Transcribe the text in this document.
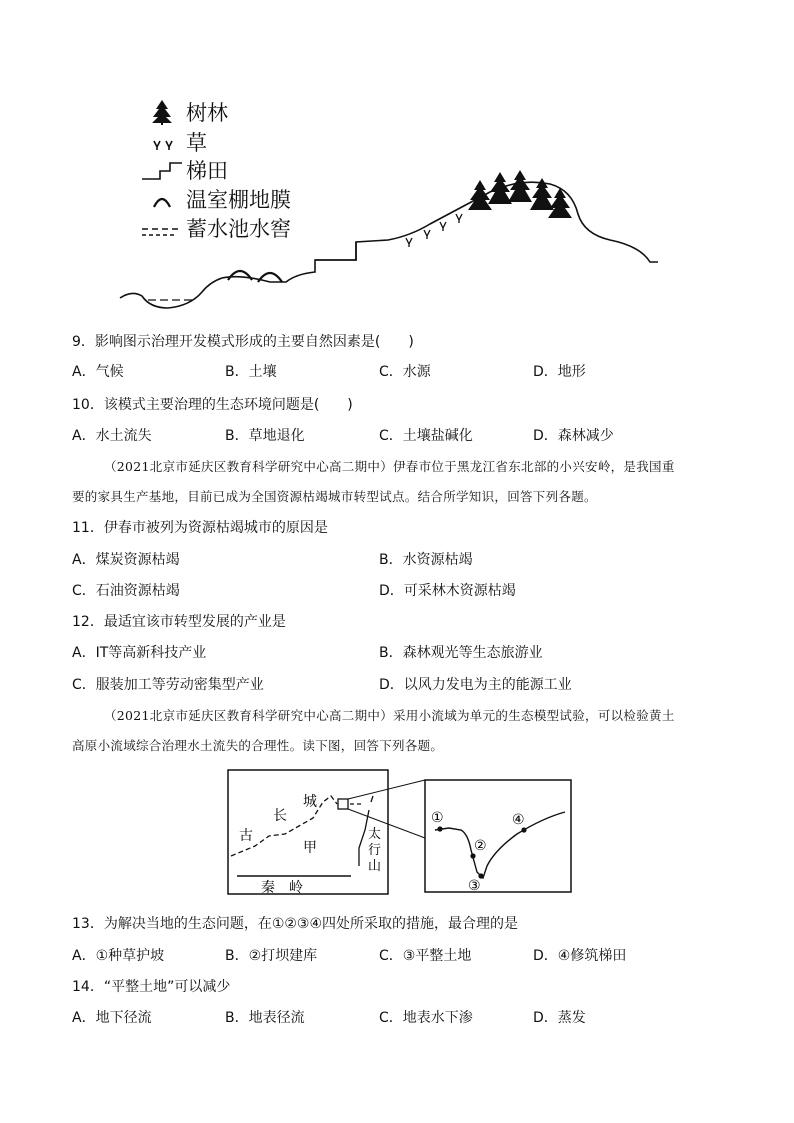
树林
草
梯田
温室棚地膜
蓄水池水窖
9．影响图示治理开发模式形成的主要自然因素是(　　)
A．气候	B．土壤	C．水源	D．地形
10．该模式主要治理的生态环境问题是(　　)
A．水土流失	B．草地退化	C．土壤盐碱化	D．森林减少
（2021北京市延庆区教育科学研究中心高二期中）伊春市位于黑龙江省东北部的小兴安岭，是我国重
要的家具生产基地，目前已成为全国资源枯竭城市转型试点。结合所学知识，回答下列各题。
11．伊春市被列为资源枯竭城市的原因是
A．煤炭资源枯竭	B．水资源枯竭
C．石油资源枯竭	D．可采林木资源枯竭
12．最适宜该市转型发展的产业是
A．IT等高新科技产业	B．森林观光等生态旅游业
C．服装加工等劳动密集型产业	D．以风力发电为主的能源工业
（2021北京市延庆区教育科学研究中心高二期中）采用小流域为单元的生态模型试验，可以检验黄土
高原小流域综合治理水土流失的合理性。读下图，回答下列各题。
古
长
城
甲
太
行
山
秦　岭
①
②
③
④
13．为解决当地的生态问题，在①②③④四处所采取的措施，最合理的是
A．①种草护坡	B．②打坝建库	C．③平整土地	D．④修筑梯田
14．“平整土地”可以减少
A．地下径流	B．地表径流	C．地表水下渗	D．蒸发
